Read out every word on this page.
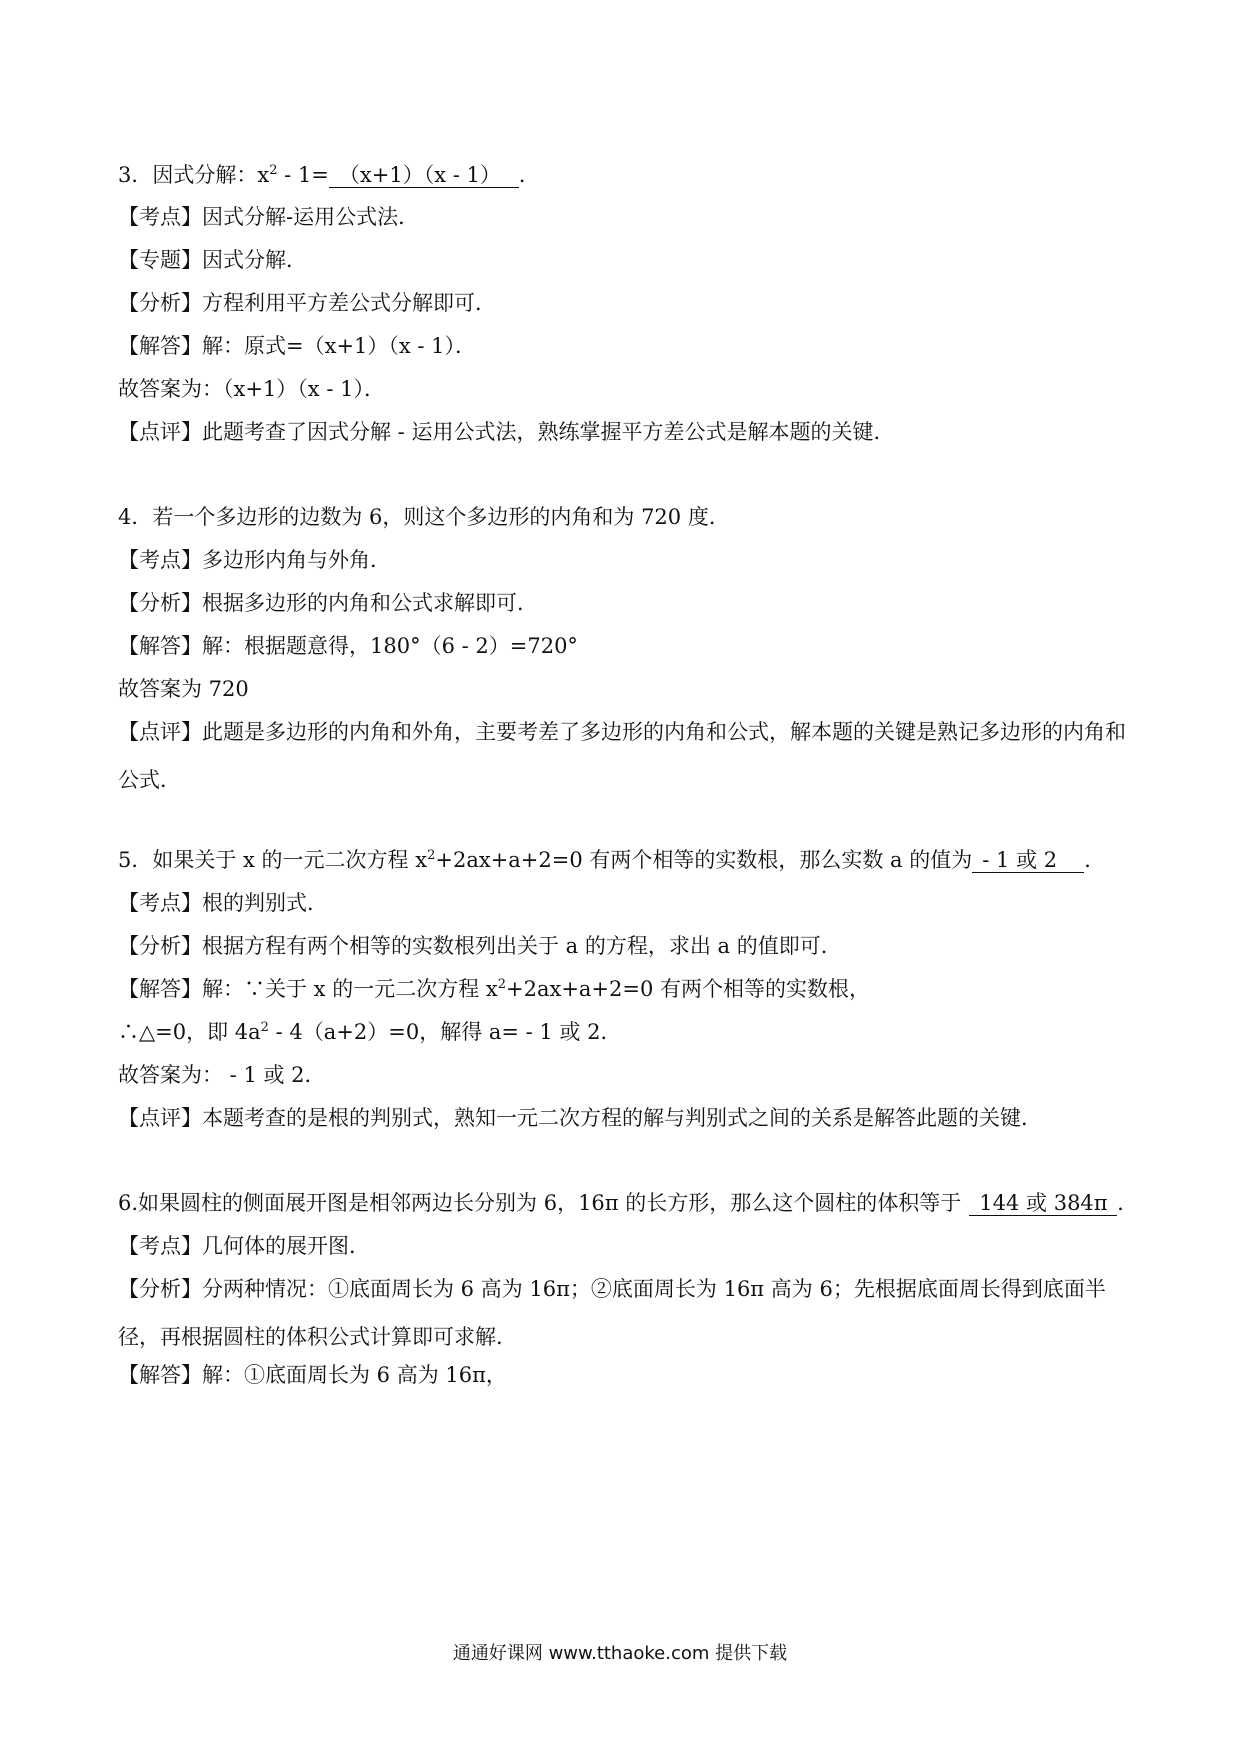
3．因式分解：$x^2 - 1=(x+1)(x - 1)$ ．
【考点】因式分解-运用公式法．
【专题】因式分解．
【分析】方程利用平方差公式分解即可．
【解答】解：原式=（x+1）（x - 1）．
故答案为：（x+1）（x - 1）．
【点评】此题考查了因式分解 - 运用公式法，熟练掌握平方差公式是解本题的关键．
4．若一个多边形的边数为 6，则这个多边形的内角和为 720 度．
【考点】多边形内角与外角．
【分析】根据多边形的内角和公式求解即可．
【解答】解：根据题意得，180°（6 - 2）=720°
故答案为 720
【点评】此题是多边形的内角和外角，主要考差了多边形的内角和公式，解本题的关键是熟记多边形的内角和公式．
5．如果关于 x 的一元二次方程 $x^2+2ax+a+2=0$ 有两个相等的实数根，那么实数 a 的值为- 1 或 2 ．
【考点】根的判别式．
【分析】根据方程有两个相等的实数根列出关于 a 的方程，求出 a 的值即可．
【解答】解：∵关于 x 的一元二次方程 $x^2+2ax+a+2=0$ 有两个相等的实数根，
∴△=0，即 $4a^2 - 4(a+2)=0$，解得 a= - 1 或 2．
故答案为： - 1 或 2．
【点评】本题考查的是根的判别式，熟知一元二次方程的解与判别式之间的关系是解答此题的关键．
6.如果圆柱的侧面展开图是相邻两边长分别为 6，16π 的长方形，那么这个圆柱的体积等于 144 或 384π ．
【考点】几何体的展开图．
【分析】分两种情况：①底面周长为 6 高为 16π；②底面周长为 16π 高为 6；先根据底面周长得到底面半径，再根据圆柱的体积公式计算即可求解．
【解答】解：①底面周长为 6 高为 16π，
通通好课网 www.tthaoke.com 提供下载
